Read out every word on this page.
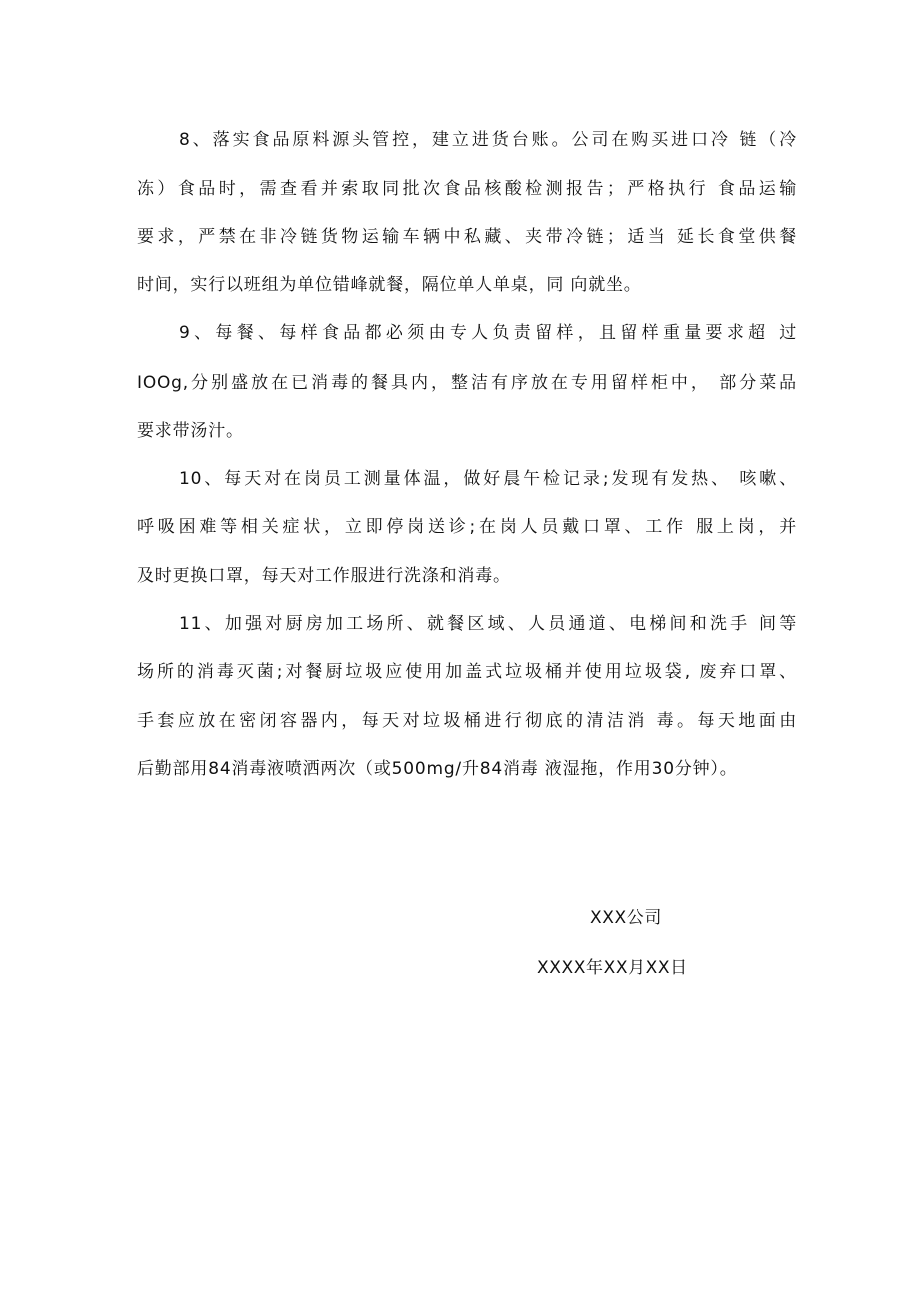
8、落实食品原料源头管控，建立进货台账。公司在购买进口冷 链（冷
冻）食品时，需查看并索取同批次食品核酸检测报告；严格执行 食品运输
要求，严禁在非冷链货物运输车辆中私藏、夹带冷链；适当 延长食堂供餐
时间，实行以班组为单位错峰就餐，隔位单人单桌，同 向就坐。
9、每餐、每样食品都必须由专人负责留样，且留样重量要求超 过
IOOg,分别盛放在已消毒的餐具内，整洁有序放在专用留样柜中， 部分菜品
要求带汤汁。
10、每天对在岗员工测量体温，做好晨午检记录;发现有发热、 咳嗽、
呼吸困难等相关症状，立即停岗送诊;在岗人员戴口罩、工作 服上岗，并
及时更换口罩，每天对工作服进行洗涤和消毒。
11、加强对厨房加工场所、就餐区域、人员通道、电梯间和洗手 间等
场所的消毒灭菌;对餐厨垃圾应使用加盖式垃圾桶并使用垃圾袋, 废弃口罩、
手套应放在密闭容器内，每天对垃圾桶进行彻底的清洁消 毒。每天地面由
后勤部用84消毒液喷洒两次（或500mg∕升84消毒 液湿拖，作用30分钟）。
XXX公司
XXXX年XX月XX日
